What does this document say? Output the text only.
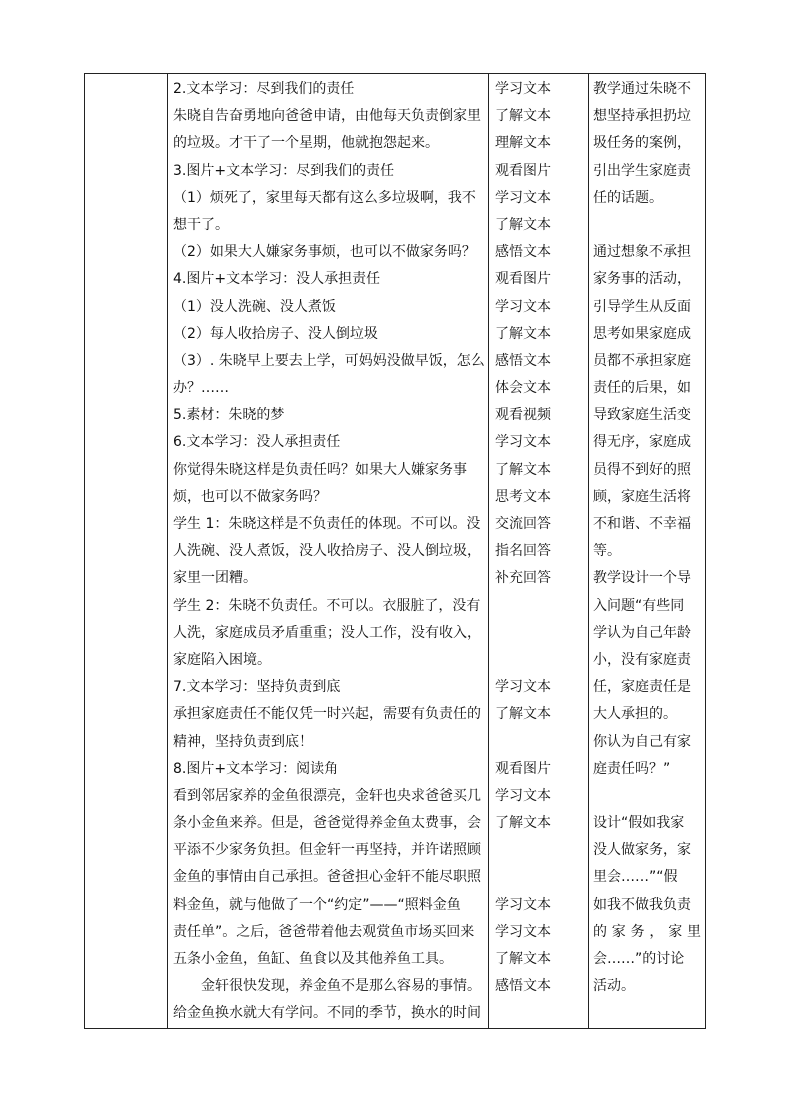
2.文本学习：尽到我们的责任
朱晓自告奋勇地向爸爸申请，由他每天负责倒家里
的垃圾。才干了一个星期，他就抱怨起来。
3.图片+文本学习：尽到我们的责任
（1）烦死了，家里每天都有这么多垃圾啊，我不
想干了。
（2）如果大人嫌家务事烦，也可以不做家务吗？
4.图片+文本学习：没人承担责任
（1）没人洗碗、没人煮饭
（2）每人收拾房子、没人倒垃圾
（3）. 朱晓早上要去上学，可妈妈没做早饭，怎么
办？……
5.素材：朱晓的梦
6.文本学习：没人承担责任
你觉得朱晓这样是负责任吗？如果大人嫌家务事
烦，也可以不做家务吗？
学生 1：朱晓这样是不负责任的体现。不可以。没
人洗碗、没人煮饭，没人收拾房子、没人倒垃圾，
家里一团糟。
学生 2：朱晓不负责任。不可以。衣服脏了，没有
人洗，家庭成员矛盾重重；没人工作，没有收入，
家庭陷入困境。
7.文本学习：坚持负责到底
承担家庭责任不能仅凭一时兴起，需要有负责任的
精神，坚持负责到底！
8.图片+文本学习：阅读角
看到邻居家养的金鱼很漂亮，金轩也央求爸爸买几
条小金鱼来养。但是，爸爸觉得养金鱼太费事，会
平添不少家务负担。但金轩一再坚持，并许诺照顾
金鱼的事情由自己承担。爸爸担心金轩不能尽职照
料金鱼，就与他做了一个“约定”——“照料金鱼
责任单”。之后，爸爸带着他去观赏鱼市场买回来
五条小金鱼，鱼缸、鱼食以及其他养鱼工具。
金轩很快发现，养金鱼不是那么容易的事情。
给金鱼换水就大有学问。不同的季节，换水的时间
学习文本
了解文本
理解文本
观看图片
学习文本
了解文本
感悟文本
观看图片
学习文本
了解文本
感悟文本
体会文本
观看视频
学习文本
了解文本
思考文本
交流回答
指名回答
补充回答
学习文本
了解文本
观看图片
学习文本
了解文本
学习文本
学习文本
了解文本
感悟文本
教学通过朱晓不
想坚持承担扔垃
圾任务的案例，
引出学生家庭责
任的话题。
通过想象不承担
家务事的活动，
引导学生从反面
思考如果家庭成
员都不承担家庭
责任的后果，如
导致家庭生活变
得无序，家庭成
员得不到好的照
顾，家庭生活将
不和谐、不幸福
等。
教学设计一个导
入问题“有些同
学认为自己年龄
小，没有家庭责
任，家庭责任是
大人承担的。
你认为自己有家
庭责任吗？”
设计“假如我家
没人做家务，家
里会……”“假
如我不做我负责
的家务，家里
会……”的讨论
活动。
